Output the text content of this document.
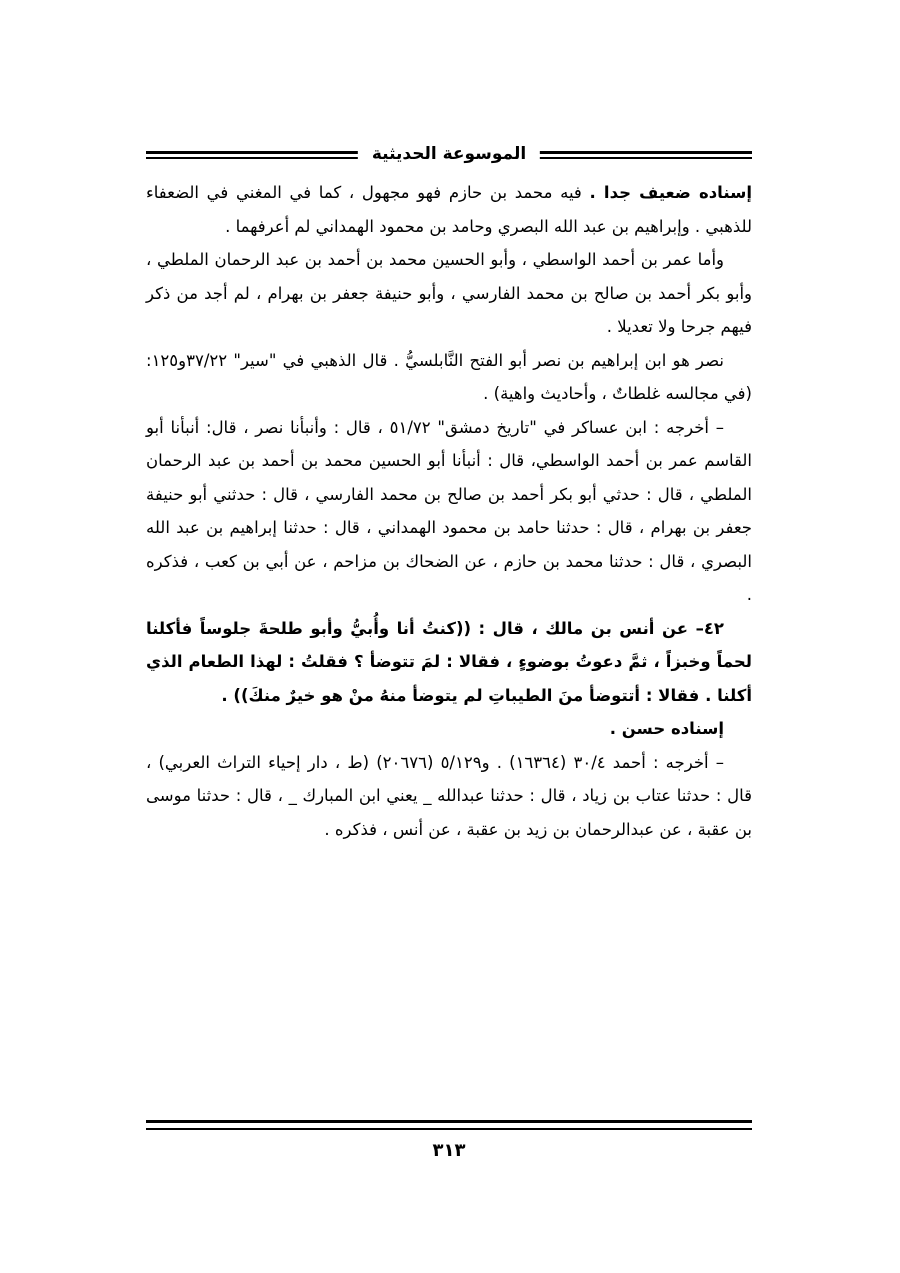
الموسوعة الحديثية

إسناده ضعيف جدا . فيه محمد بن حازم فهو مجهول ، كما في المغني في الضعفاء للذهبي . وإبراهيم بن عبد الله البصري وحامد بن محمود الهمداني لم أعرفهما .

وأما عمر بن أحمد الواسطي ، وأبو الحسين محمد بن أحمد بن عبد الرحمان الملطي ، وأبو بكر أحمد بن صالح بن محمد الفارسي ، وأبو حنيفة جعفر بن بهرام ، لم أجد من ذكر فيهم جرحا ولا تعديلا .

نصر هو ابن إبراهيم بن نصر أبو الفتح النَّابلسيُّ . قال الذهبي في "سير" ٣٧/٢٢و١٢٥: (في مجالسه غلطاتٌ ، وأحاديث واهية) .

– أخرجه : ابن عساكر في "تاريخ دمشق" ٥١/٧٢ ، قال : وأنبأنا نصر ، قال: أنبأنا أبو القاسم عمر بن أحمد الواسطي، قال : أنبأنا أبو الحسين محمد بن أحمد بن عبد الرحمان الملطي ، قال : حدثي أبو بكر أحمد بن صالح بن محمد الفارسي ، قال : حدثني أبو حنيفة جعفر بن بهرام ، قال : حدثنا حامد بن محمود الهمداني ، قال : حدثنا إبراهيم بن عبد الله البصري ، قال : حدثنا محمد بن حازم ، عن الضحاك بن مزاحم ، عن أبي بن كعب ، فذكره .

٤٢– عن أنس بن مالك ، قال : ((كنتُ أنا وأُبيُّ وأبو طلحةَ جلوساً فأكلنا لحماً وخبزاً ، ثمَّ دعوتُ بوضوءٍ ، فقالا : لمَ تتوضأ ؟ فقلتُ : لهذا الطعام الذي أكلنا . فقالا : أتتوضأ منَ الطيباتِ لم يتوضأ منهُ منْ هو خيرٌ منكَ)) .

إسناده حسن .

– أخرجه : أحمد ٣٠/٤ (١٦٣٦٤) . و٥/١٢٩ (٢٠٦٧٦) (ط ، دار إحياء التراث العربي) ، قال : حدثنا عتاب بن زياد ، قال : حدثنا عبدالله _ يعني ابن المبارك _ ، قال : حدثنا موسى بن عقبة ، عن عبدالرحمان بن زيد بن عقبة ، عن أنس ، فذكره .

٣١٣
